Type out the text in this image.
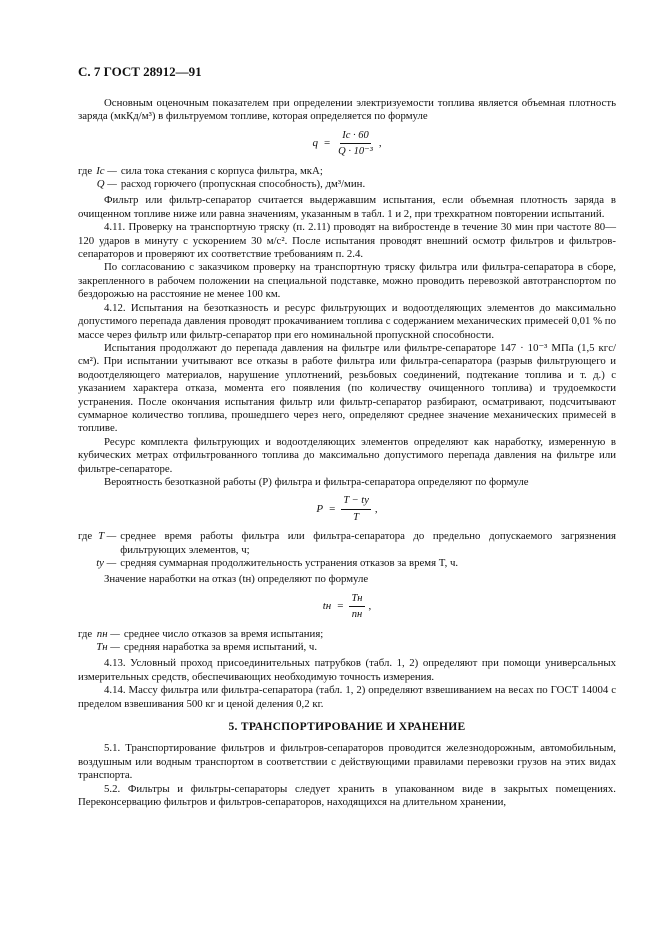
С. 7 ГОСТ 28912—91

Основным оценочным показателем при определении электризуемости топлива является объемная плотность заряда (мкКд/м³) в фильтруемом топливе, которая определяется по формуле

$q = \frac{Iс \cdot 60}{\text{Q · 10⁻³}}$ ,
где Iс — сила тока стекания с корпуса фильтра, мкА;
Q — расход горючего (пропускная способность), дм³/мин.

Фильтр или фильтр-сепаратор считается выдержавшим испытания, если объемная плотность заряда в очищенном топливе ниже или равна значениям, указанным в табл. 1 и 2, при трехкратном повторении испытаний.

4.11. Проверку на транспортную тряску (п. 2.11) проводят на вибростенде в течение 30 мин при частоте 80—120 ударов в минуту с ускорением 30 м/с². После испытания проводят внешний осмотр фильтров и фильтров-сепараторов и проверяют их соответствие требованиям п. 2.4.

По согласованию с заказчиком проверку на транспортную тряску фильтра или фильтра-сепаратора в сборе, закрепленного в рабочем положении на специальной подставке, можно проводить перевозкой автотранспортом по бездорожью на расстояние не менее 100 км.

4.12. Испытания на безотказность и ресурс фильтрующих и водоотделяющих элементов до максимально допустимого перепада давления проводят прокачиванием топлива с содержанием механических примесей 0,01 % по массе через фильтр или фильтр-сепаратор при его номинальной пропускной способности.

Испытания продолжают до перепада давления на фильтре или фильтре-сепараторе 147 · 10⁻³ МПа (1,5 кгс/см²). При испытании учитывают все отказы в работе фильтра или фильтра-сепаратора (разрыв фильтрующего и водоотделяющего материалов, нарушение уплотнений, резьбовых соединений, подтекание топлива и т. д.) с указанием характера отказа, момента его появления (по количеству очищенного топлива) и трудоемкости устранения. После окончания испытания фильтр или фильтр-сепаратор разбирают, осматривают, подсчитывают суммарное количество топлива, прошедшего через него, определяют среднее значение механических примесей в топливе.

Ресурс комплекта фильтрующих и водоотделяющих элементов определяют как наработку, измеренную в кубических метрах отфильтрованного топлива до максимально допустимого перепада давления на фильтре или фильтре-сепараторе.

Вероятность безотказной работы (P) фильтра и фильтра-сепаратора определяют по формуле

$P = \frac{T - tу}{T}$ ,
где T — среднее время работы фильтра или фильтра-сепаратора до предельно допускаемого загрязнения фильтрующих элементов, ч;
tу — средняя суммарная продолжительность устранения отказов за время T, ч.

Значение наработки на отказ (tн) определяют по формуле

tн = $\frac{Tн}{nн}$ ,
где nн — среднее число отказов за время испытания;
Tн — средняя наработка за время испытаний, ч.

4.13. Условный проход присоединительных патрубков (табл. 1, 2) определяют при помощи универсальных измерительных средств, обеспечивающих необходимую точность измерения.

4.14. Массу фильтра или фильтра-сепаратора (табл. 1, 2) определяют взвешиванием на весах по ГОСТ 14004 с пределом взвешивания 500 кг и ценой деления 0,2 кг.

5. ТРАНСПОРТИРОВАНИЕ И ХРАНЕНИЕ

5.1. Транспортирование фильтров и фильтров-сепараторов проводится железнодорожным, автомобильным, воздушным или водным транспортом в соответствии с действующими правилами перевозки грузов на этих видах транспорта.

5.2. Фильтры и фильтры-сепараторы следует хранить в упакованном виде в закрытых помещениях. Переконсервацию фильтров и фильтров-сепараторов, находящихся на длительном хранении,
